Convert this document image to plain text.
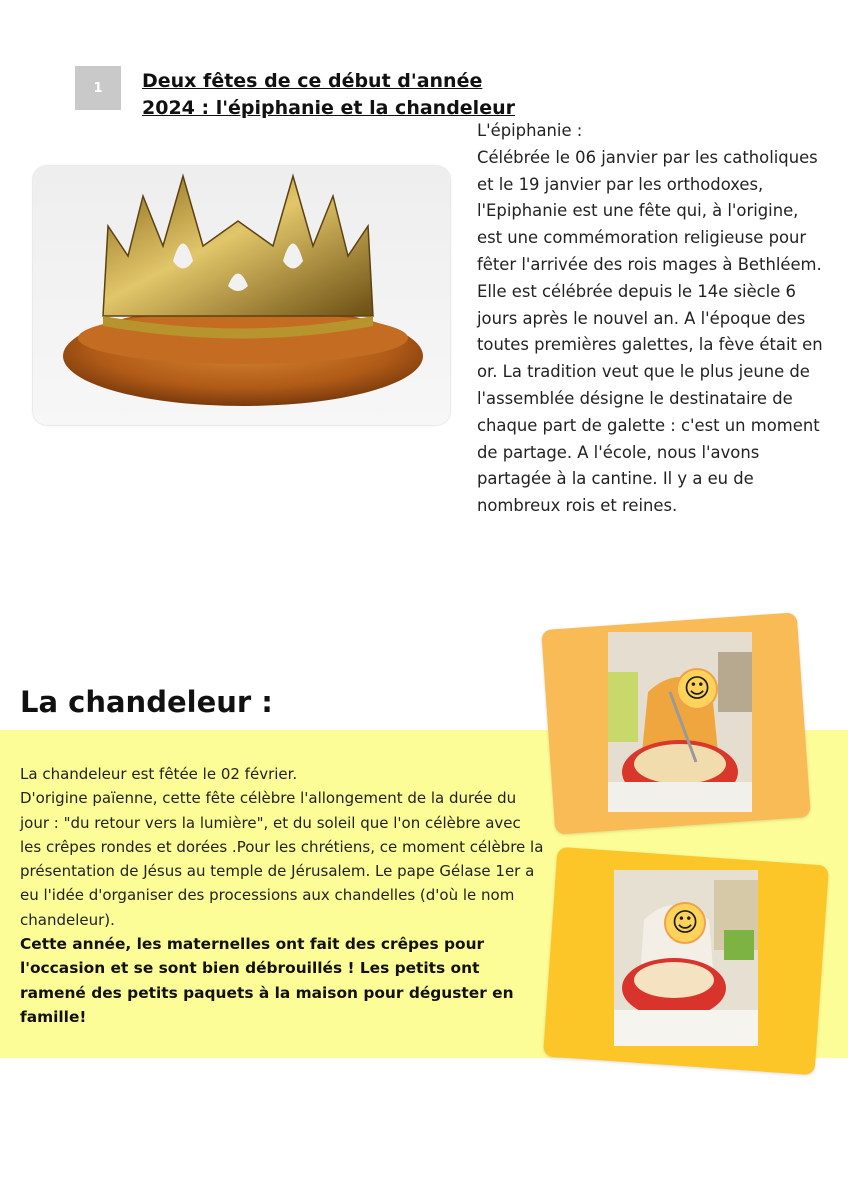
1 Deux fêtes de ce début d'année 2024 : l'épiphanie et la chandeleur

L'épiphanie :

Célébrée le 06 janvier par les catholiques et le 19 janvier par les orthodoxes, l'Epiphanie est une fête qui, à l'origine, est une commémoration religieuse pour fêter l'arrivée des rois mages à Bethléem. Elle est célébrée depuis le 14e siècle 6 jours après le nouvel an. A l'époque des toutes premières galettes, la fève était en or. La tradition veut que le plus jeune de l'assemblée désigne le destinataire de chaque part de galette : c'est un moment de partage. A l'école, nous l'avons partagée à la cantine. Il y a eu de nombreux rois et reines.

La chandeleur :

La chandeleur est fêtée le 02 février.

D'origine païenne, cette fête célèbre l'allongement de la durée du jour : "du retour vers la lumière", et du soleil que l'on célèbre avec les crêpes rondes et dorées .Pour les chrétiens, ce moment célèbre la présentation de Jésus au temple de Jérusalem. Le pape Gélase 1er a eu l'idée d'organiser des processions aux chandelles (d'où le nom chandeleur).

Cette année, les maternelles ont fait des crêpes pour l'occasion et se sont bien débrouillés ! Les petits ont ramené des petits paquets à la maison pour déguster en famille!

☺
☺
